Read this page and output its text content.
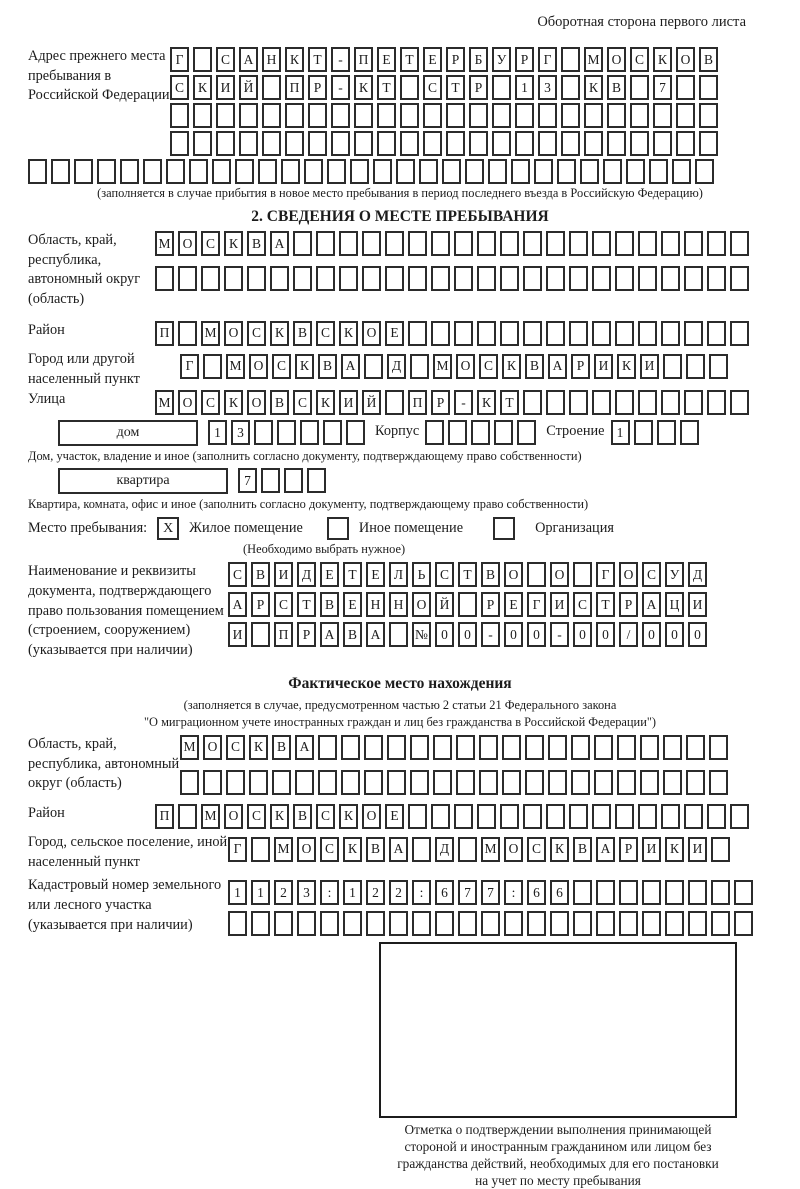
Оборотная сторона первого листа
Адрес прежнего места пребывания в Российской Федерации
Г	С	А Н	К	Т	-	П	Е	Т	Е	Р	Б	У	Р	Г	М О	С	К	О	В
С	К	И Й	П	Р	-	К	Т	С	Т	Р	1	3	К	В	7
(заполняется в случае прибытия в новое место пребывания в период последнего въезда в Российскую Федерацию)
2. СВЕДЕНИЯ О МЕСТЕ ПРЕБЫВАНИЯ
Область, край, республика, автономный округ (область)
М О	С	К	В	А
Район	П	М О	С	К	В	С	К	О	Е
Город или другой населенный пункт
Г	М О	С	К	В	А	Д	М О	С	К	В	А	Р	И	К	И
Улица	М О	С	К	О	В	С	К	И Й	П	Р	-	К	Т
дом	1	3	Корпус	Строение 1
Дом, участок, владение и иное (заполнить согласно документу, подтверждающему право собственности)
квартира	7
Квартира, комната, офис и иное (заполнить согласно документу, подтверждающему право собственности)
Место пребывания:	X	Жилое помещение	Иное помещение	Организация
(Необходимо выбрать нужное)
Наименование и реквизиты документа, подтверждающего право пользования помещением (строением, сооружением) (указывается при наличии)
С	В	И	Д	Е	Т	Е	Л	Ь	С	Т	В	О	О	Г	О	С	У	Д
А	Р	С	Т	В	Е	Н Н О Й	Р	Е	Г	И	С	Т	Р	А Ц И
И	П	Р	А	В	А	№ 0	0	-	0	0	-	0	0	/	0	0	0
Фактическое место нахождения
(заполняется в случае, предусмотренном частью 2 статьи 21 Федерального закона
"О миграционном учете иностранных граждан и лиц без гражданства в Российской Федерации")
Область, край, республика, автономный округ (область)
М О	С	К	В	А
Район	П	М О	С	К	В	С	К	О	Е
Город, сельское поселение, иной населенный пункт
Г	М О	С	К	В	А	Д	М О	С	К	В	А	Р	И	К	И
Кадастровый номер земельного или лесного участка (указывается при наличии)
1	1	2	3	:	1	2	2	:	6	7	7	:	6	6
Отметка о подтверждении выполнения принимающей
стороной и иностранным гражданином или лицом без
гражданства действий, необходимых для его постановки
на учет по месту пребывания
